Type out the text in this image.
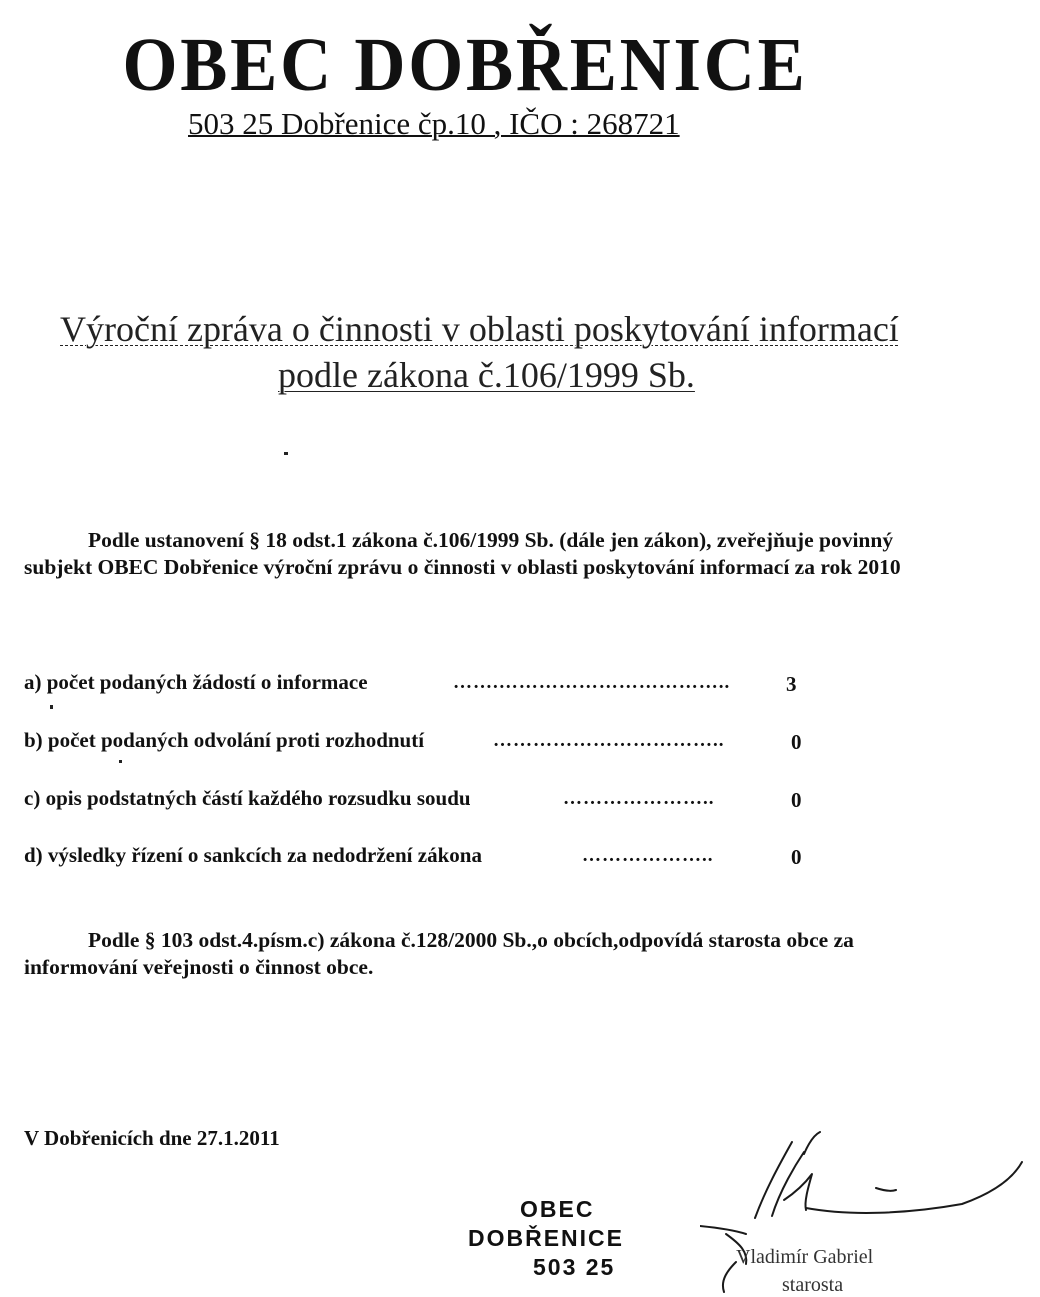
OBEC DOBŘENICE
503 25 Dobřenice čp.10 , IČO : 268721
Výroční zpráva o činnosti v oblasti poskytování informací
podle zákona č.106/1999 Sb.
Podle ustanovení § 18 odst.1 zákona č.106/1999 Sb. (dále jen zákon), zveřejňuje povinný subjekt OBEC Dobřenice výroční zprávu o činnosti v oblasti poskytování informací za rok 2010
a) počet podaných žádostí o informace	…….……………………………..	3
b) počet podaných odvolání proti rozhodnutí	……………………………..	0
c) opis podstatných částí každého rozsudku soudu	…………………..	0
d) výsledky řízení o sankcích za nedodržení zákona	………………..	0
Podle § 103 odst.4.písm.c) zákona č.128/2000 Sb.,o obcích,odpovídá starosta obce za informování veřejnosti o činnost obce.
V Dobřenicích dne 27.1.2011
OBEC
DOBŘENICE
503 25	Vladimír Gabriel
starosta
